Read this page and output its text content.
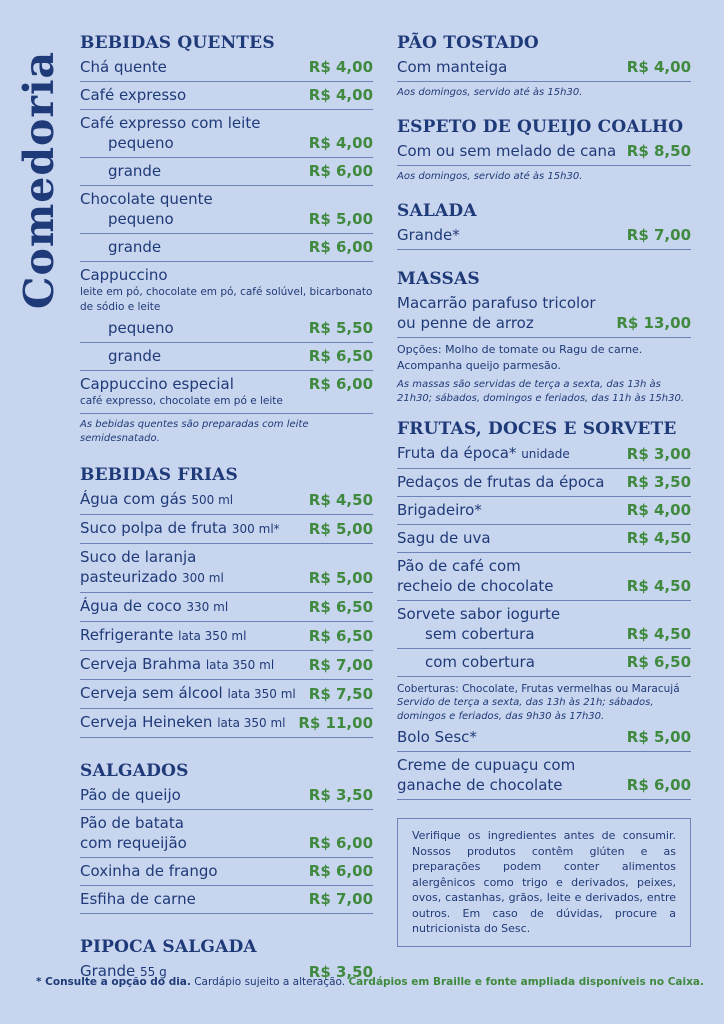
Comedoria
BEBIDAS QUENTES
Chá quente	R$ 4,00
Café expresso	R$ 4,00
Café expresso com leite
pequeno	R$ 4,00
grande	R$ 6,00
Chocolate quente
pequeno	R$ 5,00
grande	R$ 6,00
Cappuccino
leite em pó, chocolate em pó, café solúvel, bicarbonato de sódio e leite
pequeno	R$ 5,50
grande	R$ 6,50
Cappuccino especial
café expresso, chocolate em pó e leite
R$ 6,00
As bebidas quentes são preparadas com leite semidesnatado.
BEBIDAS FRIAS
Água com gás 500 ml	R$ 4,50
Suco polpa de fruta 300 ml* R$ 5,00
Suco de laranja
pasteurizado 300 ml	R$ 5,00
Água de coco 330 ml	R$ 6,50
Refrigerante lata 350 ml	R$ 6,50
Cerveja Brahma lata 350 ml R$ 7,00
Cerveja sem álcool lata 350 ml R$ 7,50
Cerveja Heineken lata 350 ml R$ 11,00
SALGADOS
Pão de queijo	R$ 3,50
Pão de batata
com requeijão	R$ 6,00
Coxinha de frango	R$ 6,00
Esfiha de carne	R$ 7,00
PIPOCA SALGADA
Grande 55 g	R$ 3,50
PÃO TOSTADO
Com manteiga	R$ 4,00
Aos domingos, servido até às 15h30.
ESPETO DE QUEIJO COALHO
Com ou sem melado de cana R$ 8,50
Aos domingos, servido até às 15h30.
SALADA
Grande*	R$ 7,00
MASSAS
Macarrão parafuso tricolor
ou penne de arroz	R$ 13,00
Opções: Molho de tomate ou Ragu de carne. Acompanha queijo parmesão.
As massas são servidas de terça a sexta, das 13h às 21h30; sábados, domingos e feriados, das 11h às 15h30.
FRUTAS, DOCES E SORVETE
Fruta da época* unidade	R$ 3,00
Pedaços de frutas da época R$ 3,50
Brigadeiro*	R$ 4,00
Sagu de uva	R$ 4,50
Pão de café com
recheio de chocolate	R$ 4,50
Sorvete sabor iogurte
sem cobertura	R$ 4,50
com cobertura	R$ 6,50
Coberturas: Chocolate, Frutas vermelhas ou Maracujá
Servido de terça a sexta, das 13h às 21h; sábados, domingos e feriados, das 9h30 às 17h30.
Bolo Sesc*	R$ 5,00
Creme de cupuaçu com
ganache de chocolate	R$ 6,00
Verifique os ingredientes antes de consumir. Nossos produtos contêm glúten e as preparações podem conter alimentos alergênicos como trigo e derivados, peixes, ovos, castanhas, grãos, leite e derivados, entre outros. Em caso de dúvidas, procure a nutricionista do Sesc.
* Consulte a opção do dia. Cardápio sujeito a alteração. Cardápios em Braille e fonte ampliada disponíveis no Caixa.
